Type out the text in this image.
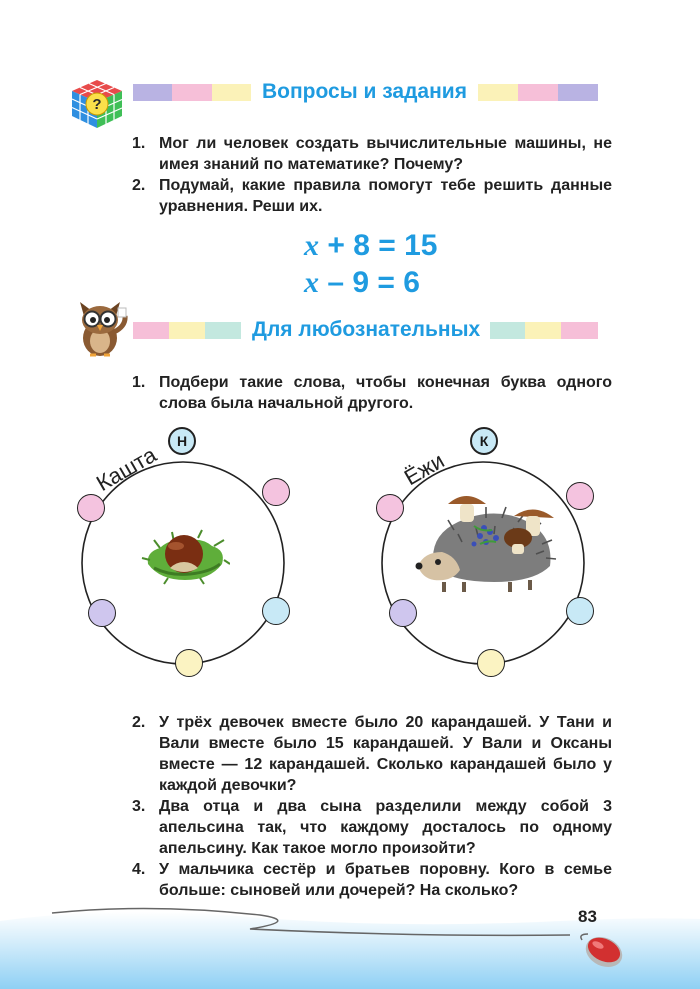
?
Вопросы и задания
1. Мог ли человек создать вычислительные машины, не имея знаний по математике? Почему?
2. Подумай, какие правила помогут тебе решить данные уравнения. Реши их.
x + 8 = 15
x – 9 = 6
Для любознательных
1. Подбери такие слова, чтобы конечная буква одного слова была начальной другого.
Кашта
Н
Ёжи
К
2. У трёх девочек вместе было 20 карандашей. У Тани и Вали вместе было 15 карандашей. У Вали и Оксаны вместе — 12 карандашей. Сколько карандашей было у каждой девочки?
3. Два отца и два сына разделили между собой 3 апельсина так, что каждому досталось по одному апельсину. Как такое могло произойти?
4. У мальчика сестёр и братьев поровну. Кого в семье больше: сыновей или дочерей? На сколько?
83
